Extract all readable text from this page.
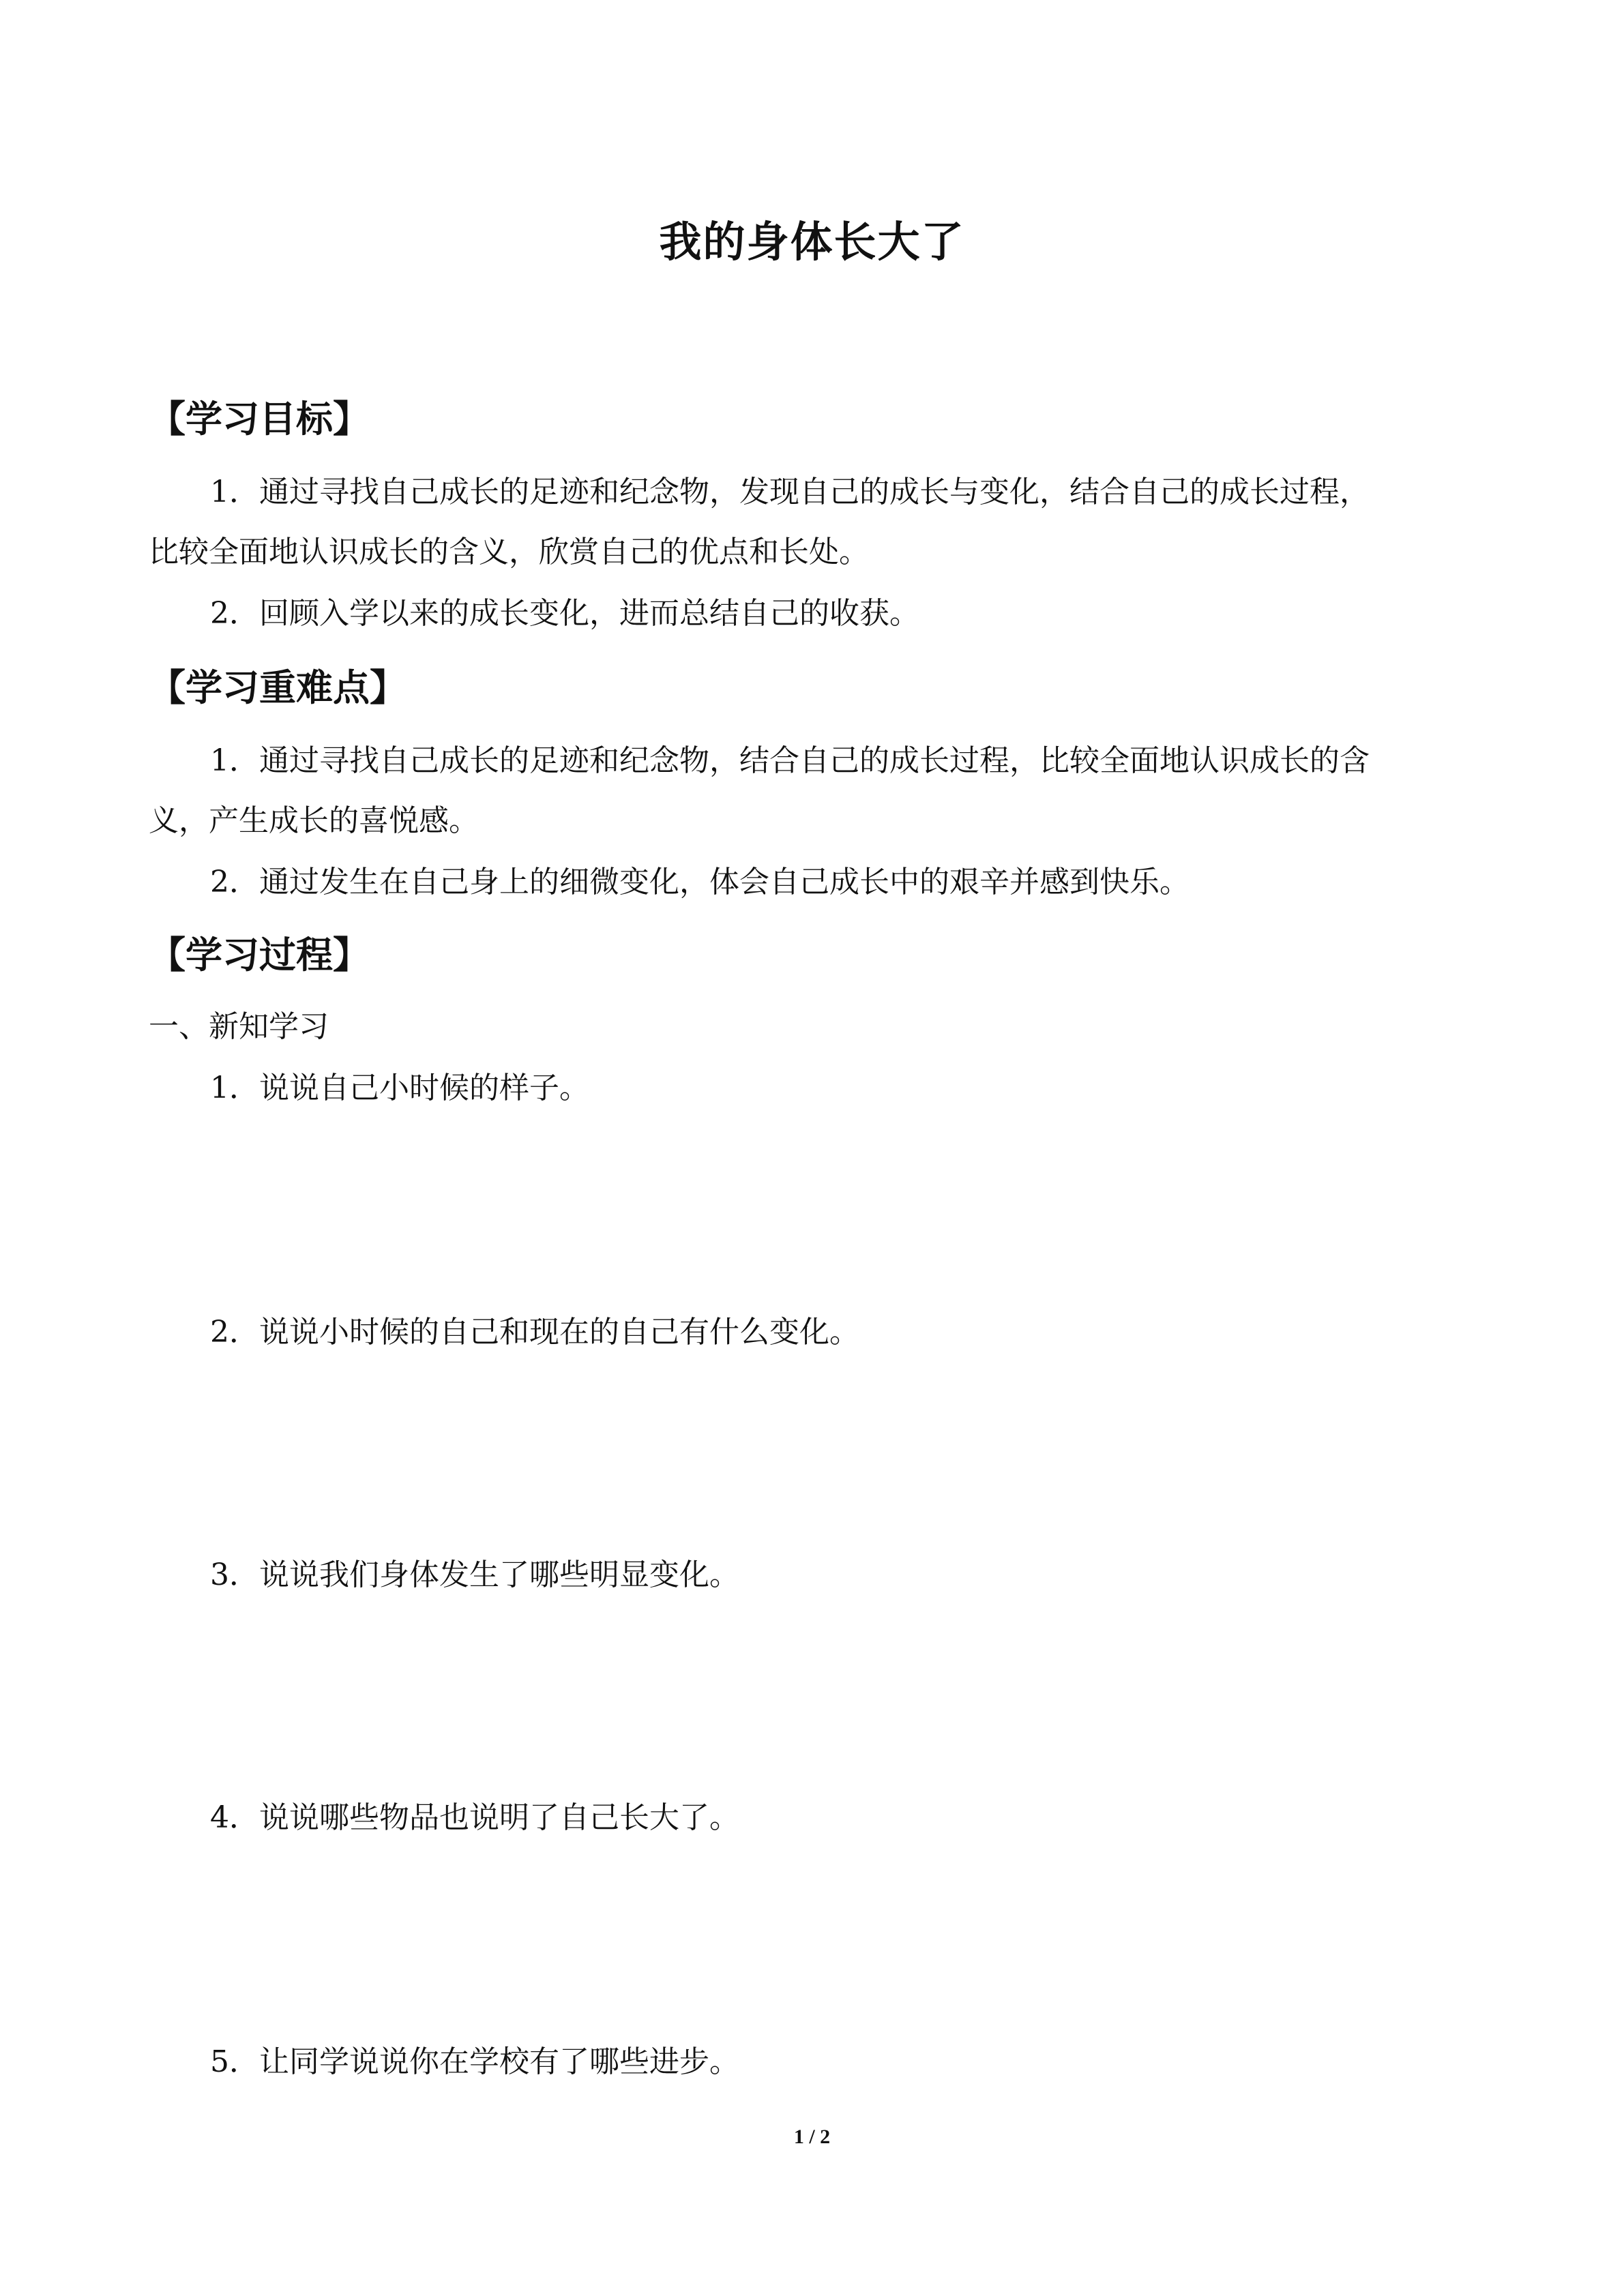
我的身体长大了
【学习目标】
1．通过寻找自己成长的足迹和纪念物，发现自己的成长与变化，结合自己的成长过程，
比较全面地认识成长的含义，欣赏自己的优点和长处。
2．回顾入学以来的成长变化，进而总结自己的收获。
【学习重难点】
1．通过寻找自己成长的足迹和纪念物，结合自己的成长过程，比较全面地认识成长的含
义，产生成长的喜悦感。
2．通过发生在自己身上的细微变化，体会自己成长中的艰辛并感到快乐。
【学习过程】
一、新知学习
1．说说自己小时候的样子。
2．说说小时候的自己和现在的自己有什么变化。
3．说说我们身体发生了哪些明显变化。
4．说说哪些物品也说明了自己长大了。
5．让同学说说你在学校有了哪些进步。
1 / 2
